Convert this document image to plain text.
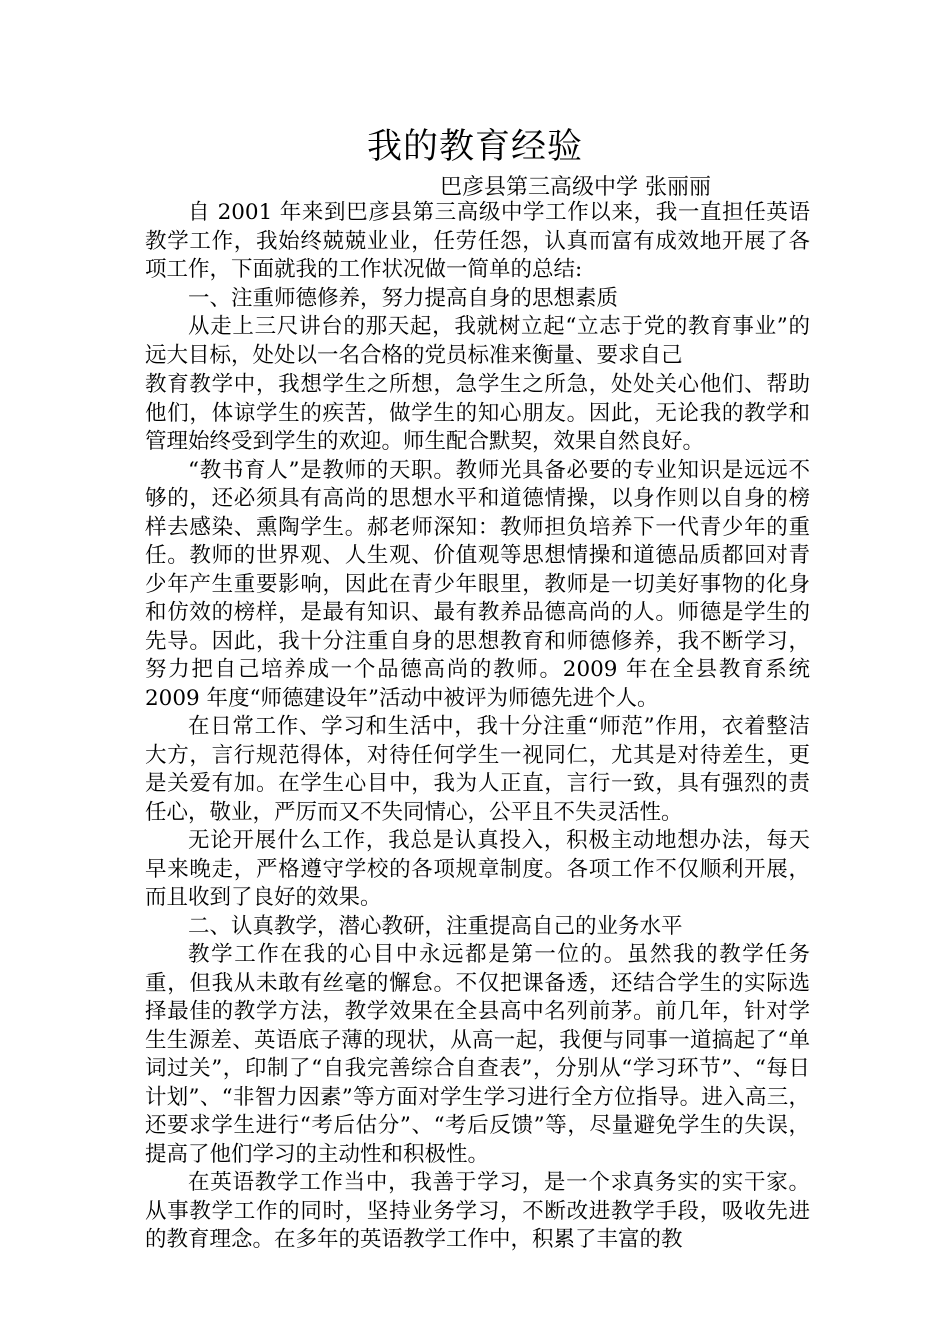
我的教育经验
巴彦县第三高级中学 张丽丽

自 2001 年来到巴彦县第三高级中学工作以来，我一直担任英语教学工作，我始终兢兢业业，任劳任怨，认真而富有成效地开展了各项工作，下面就我的工作状况做一简单的总结:

一、注重师德修养，努力提高自身的思想素质

从走上三尺讲台的那天起，我就树立起“立志于党的教育事业”的远大目标，处处以一名合格的党员标准来衡量、要求自己

教育教学中，我想学生之所想，急学生之所急，处处关心他们、帮助他们，体谅学生的疾苦，做学生的知心朋友。因此，无论我的教学和管理始终受到学生的欢迎。师生配合默契，效果自然良好。

“教书育人”是教师的天职。教师光具备必要的专业知识是远远不够的，还必须具有高尚的思想水平和道德情操，以身作则以自身的榜样去感染、熏陶学生。郝老师深知：教师担负培养下一代青少年的重任。教师的世界观、人生观、价值观等思想情操和道德品质都回对青少年产生重要影响，因此在青少年眼里，教师是一切美好事物的化身和仿效的榜样，是最有知识、最有教养品德高尚的人。师德是学生的先导。因此，我十分注重自身的思想教育和师德修养，我不断学习，努力把自己培养成一个品德高尚的教师。2009 年在全县教育系统 2009 年度“师德建设年”活动中被评为师德先进个人。

在日常工作、学习和生活中，我十分注重“师范”作用，衣着整洁大方，言行规范得体，对待任何学生一视同仁，尤其是对待差生，更是关爱有加。在学生心目中，我为人正直，言行一致，具有强烈的责任心，敬业，严厉而又不失同情心，公平且不失灵活性。

无论开展什么工作，我总是认真投入，积极主动地想办法，每天早来晚走，严格遵守学校的各项规章制度。各项工作不仅顺利开展，而且收到了良好的效果。

二、认真教学，潜心教研，注重提高自己的业务水平

教学工作在我的心目中永远都是第一位的。虽然我的教学任务重，但我从未敢有丝毫的懈怠。不仅把课备透，还结合学生的实际选择最佳的教学方法，教学效果在全县高中名列前茅。前几年，针对学生生源差、英语底子薄的现状，从高一起，我便与同事一道搞起了“单词过关”，印制了“自我完善综合自查表”，分别从“学习环节”、“每日计划”、“非智力因素”等方面对学生学习进行全方位指导。进入高三，还要求学生进行“考后估分”、“考后反馈”等，尽量避免学生的失误，提高了他们学习的主动性和积极性。

在英语教学工作当中，我善于学习，是一个求真务实的实干家。从事教学工作的同时，坚持业务学习，不断改进教学手段，吸收先进的教育理念。在多年的英语教学工作中，积累了丰富的教
